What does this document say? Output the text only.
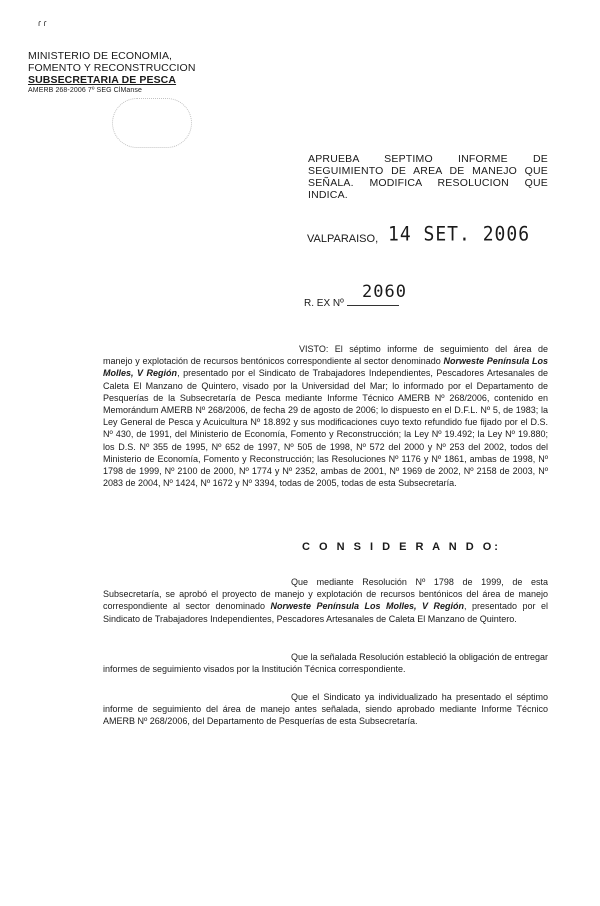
ɾ ɾ
MINISTERIO DE ECONOMIA,
FOMENTO Y RECONSTRUCCION
SUBSECRETARIA DE PESCA
AMERB 268-2006 7º SEG ClManse
APRUEBA SEPTIMO INFORME DE SEGUIMIENTO DE AREA DE MANEJO QUE SEÑALA. MODIFICA RESOLUCION QUE INDICA.
VALPARAISO, 14 SET. 2006
R. EX Nº
2060
VISTO: El séptimo informe de seguimiento del área de manejo y explotación de recursos bentónicos correspondiente al sector denominado Norweste Península Los Molles, V Región, presentado por el Sindicato de Trabajadores Independientes, Pescadores Artesanales de Caleta El Manzano de Quintero, visado por la Universidad del Mar; lo informado por el Departamento de Pesquerías de la Subsecretaría de Pesca mediante Informe Técnico AMERB Nº 268/2006, contenido en Memorándum AMERB Nº 268/2006, de fecha 29 de agosto de 2006; lo dispuesto en el D.F.L. Nº 5, de 1983; la Ley General de Pesca y Acuicultura Nº 18.892 y sus modificaciones cuyo texto refundido fue fijado por el D.S. Nº 430, de 1991, del Ministerio de Economía, Fomento y Reconstrucción; la Ley Nº 19.492; la Ley Nº 19.880; los D.S. Nº 355 de 1995, Nº 652 de 1997, Nº 505 de 1998, Nº 572 del 2000 y Nº 253 del 2002, todos del Ministerio de Economía, Fomento y Reconstrucción; las Resoluciones Nº 1176 y Nº 1861, ambas de 1998, Nº 1798 de 1999, Nº 2100 de 2000, Nº 1774 y Nº 2352, ambas de 2001, Nº 1969 de 2002, Nº 2158 de 2003, Nº 2083 de 2004, Nº 1424, Nº 1672 y Nº 3394, todas de 2005, todas de esta Subsecretaría.
C O N S I D E R A N D O:
Que mediante Resolución Nº 1798 de 1999, de esta Subsecretaría, se aprobó el proyecto de manejo y explotación de recursos bentónicos del área de manejo correspondiente al sector denominado Norweste Península Los Molles, V Región, presentado por el Sindicato de Trabajadores Independientes, Pescadores Artesanales de Caleta El Manzano de Quintero.
Que la señalada Resolución estableció la obligación de entregar informes de seguimiento visados por la Institución Técnica correspondiente.
Que el Sindicato ya individualizado ha presentado el séptimo informe de seguimiento del área de manejo antes señalada, siendo aprobado mediante Informe Técnico AMERB Nº 268/2006, del Departamento de Pesquerías de esta Subsecretaría.
